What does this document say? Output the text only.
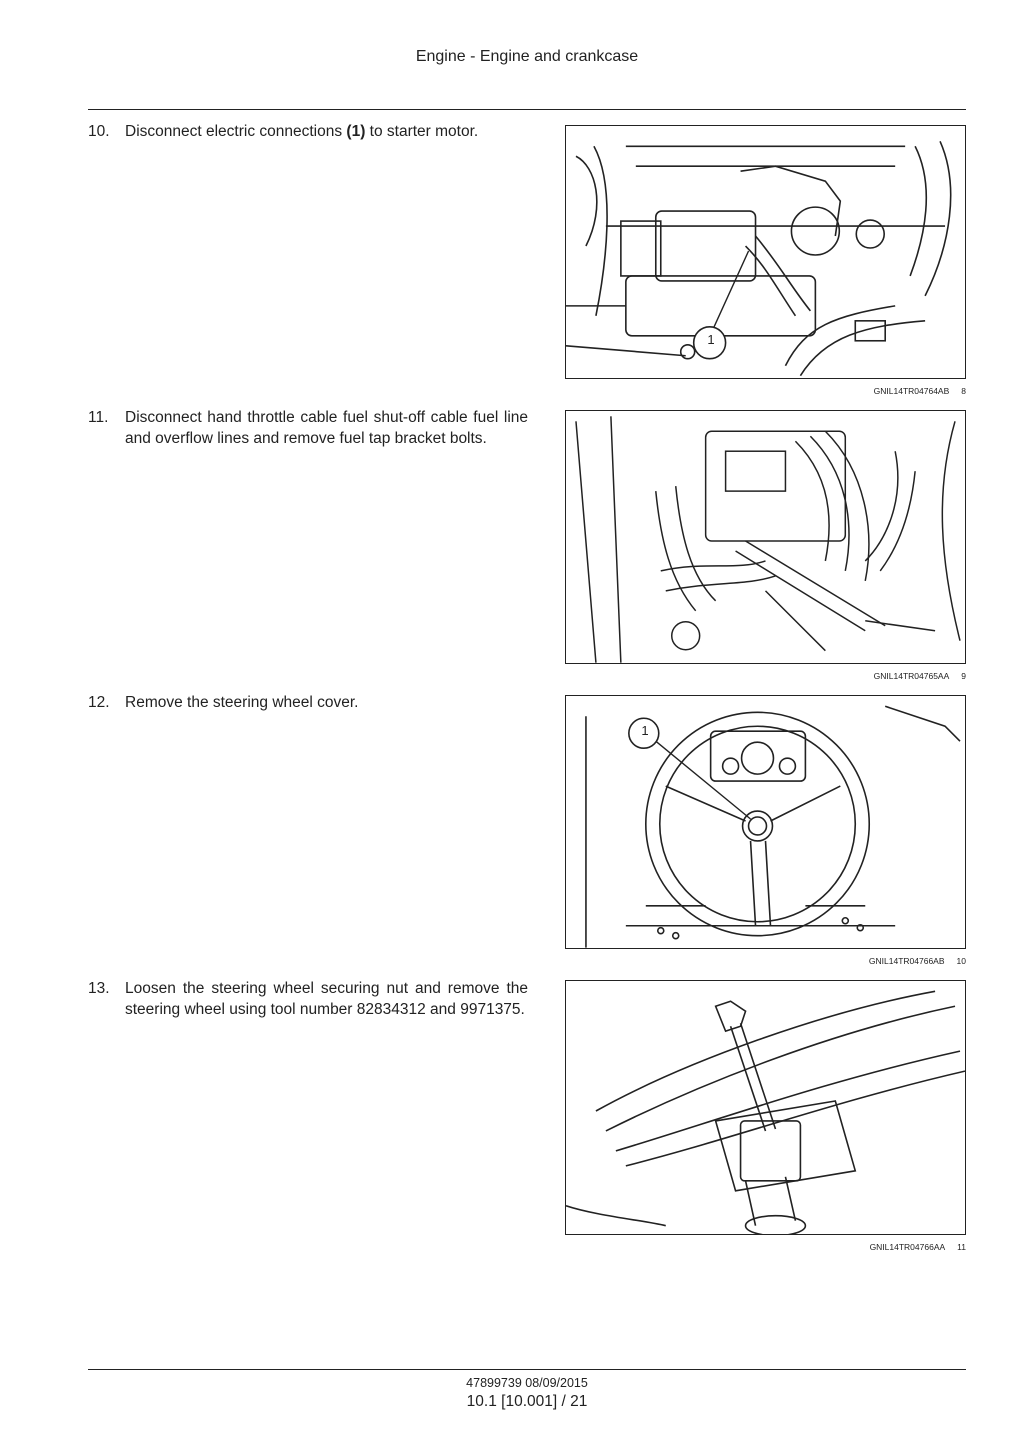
Engine - Engine and crankcase
10. Disconnect electric connections (1) to starter motor.
1
GNIL14TR04764AB 8
11. Disconnect hand throttle cable fuel shut-off cable fuel line and overflow lines and remove fuel tap bracket bolts.
GNIL14TR04765AA 9
12. Remove the steering wheel cover.
1
GNIL14TR04766AB 10
13. Loosen the steering wheel securing nut and remove the steering wheel using tool number 82834312 and 9971375.
GNIL14TR04766AA 11
47899739 08/09/2015
10.1 [10.001] / 21
